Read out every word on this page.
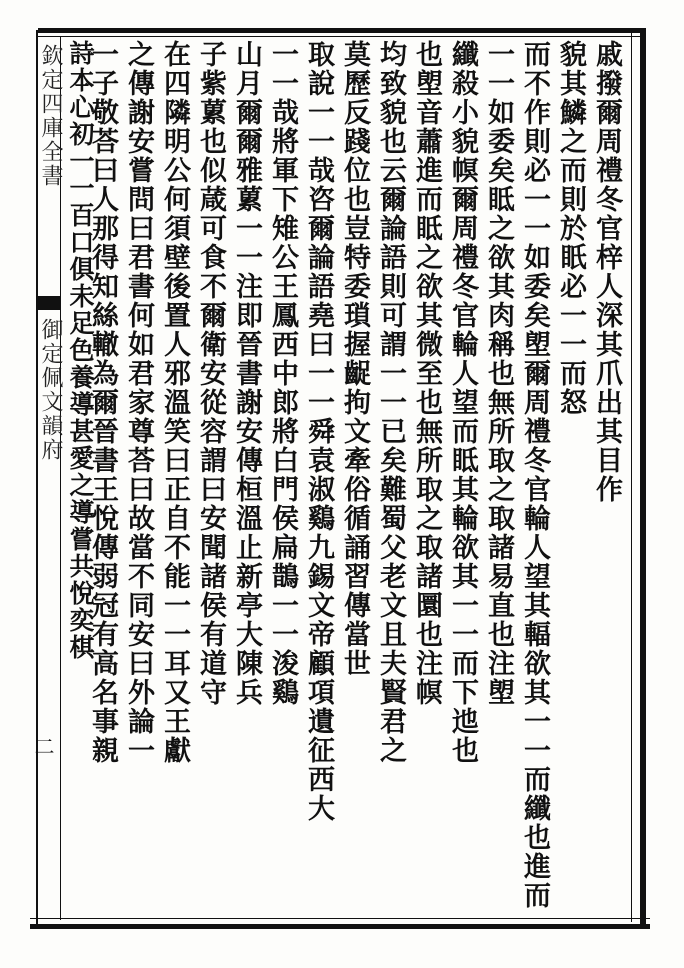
欽定四庫全書
御定佩文韻府
二
戚撥爾周禮冬官梓人深其爪出其目作
貌其鱗之而則於眂必一一而怒
而不作則必一一如委矣塱爾周禮冬官輪人望其輻欲其一一而纖也進而
一一如委矣眡之欲其肉稱也無所取之取諸易直也注塱
纖殺小貌幎爾周禮冬官輪人望而眡其輪欲其一一而下迆也
也塱音蕭進而眡之欲其微至也無所取之取諸圜也注幎
均致貌也云爾論語則可謂一一已矣難蜀父老文且夫賢君之
莫歷反踐位也豈特委瑣握齪拘文牽俗循誦習傳當世
取說一一哉咨爾論語堯曰一一舜袁淑鷄九錫文帝顧項遺征西大
一一哉將軍下雉公王鳳西中郎將白門侯扁鵲一一浚鷄
山月爾爾雅蔂一一注即晉書謝安傳桓溫止新亭大陳兵
子紫蔂也似葴可食不爾衛安從容謂曰安聞諸侯有道守
在四隣明公何須壁後置人邪溫笑曰正自不能一一耳又王獻
之傳謝安嘗問曰君書何如君家尊荅曰故當不同安曰外論一
一子敬荅曰人那得知絲轍為爾晉書王悅傳弱冠有高名事親
詩本心初一一百口俱未足色養導甚愛之導嘗共悅奕棋
